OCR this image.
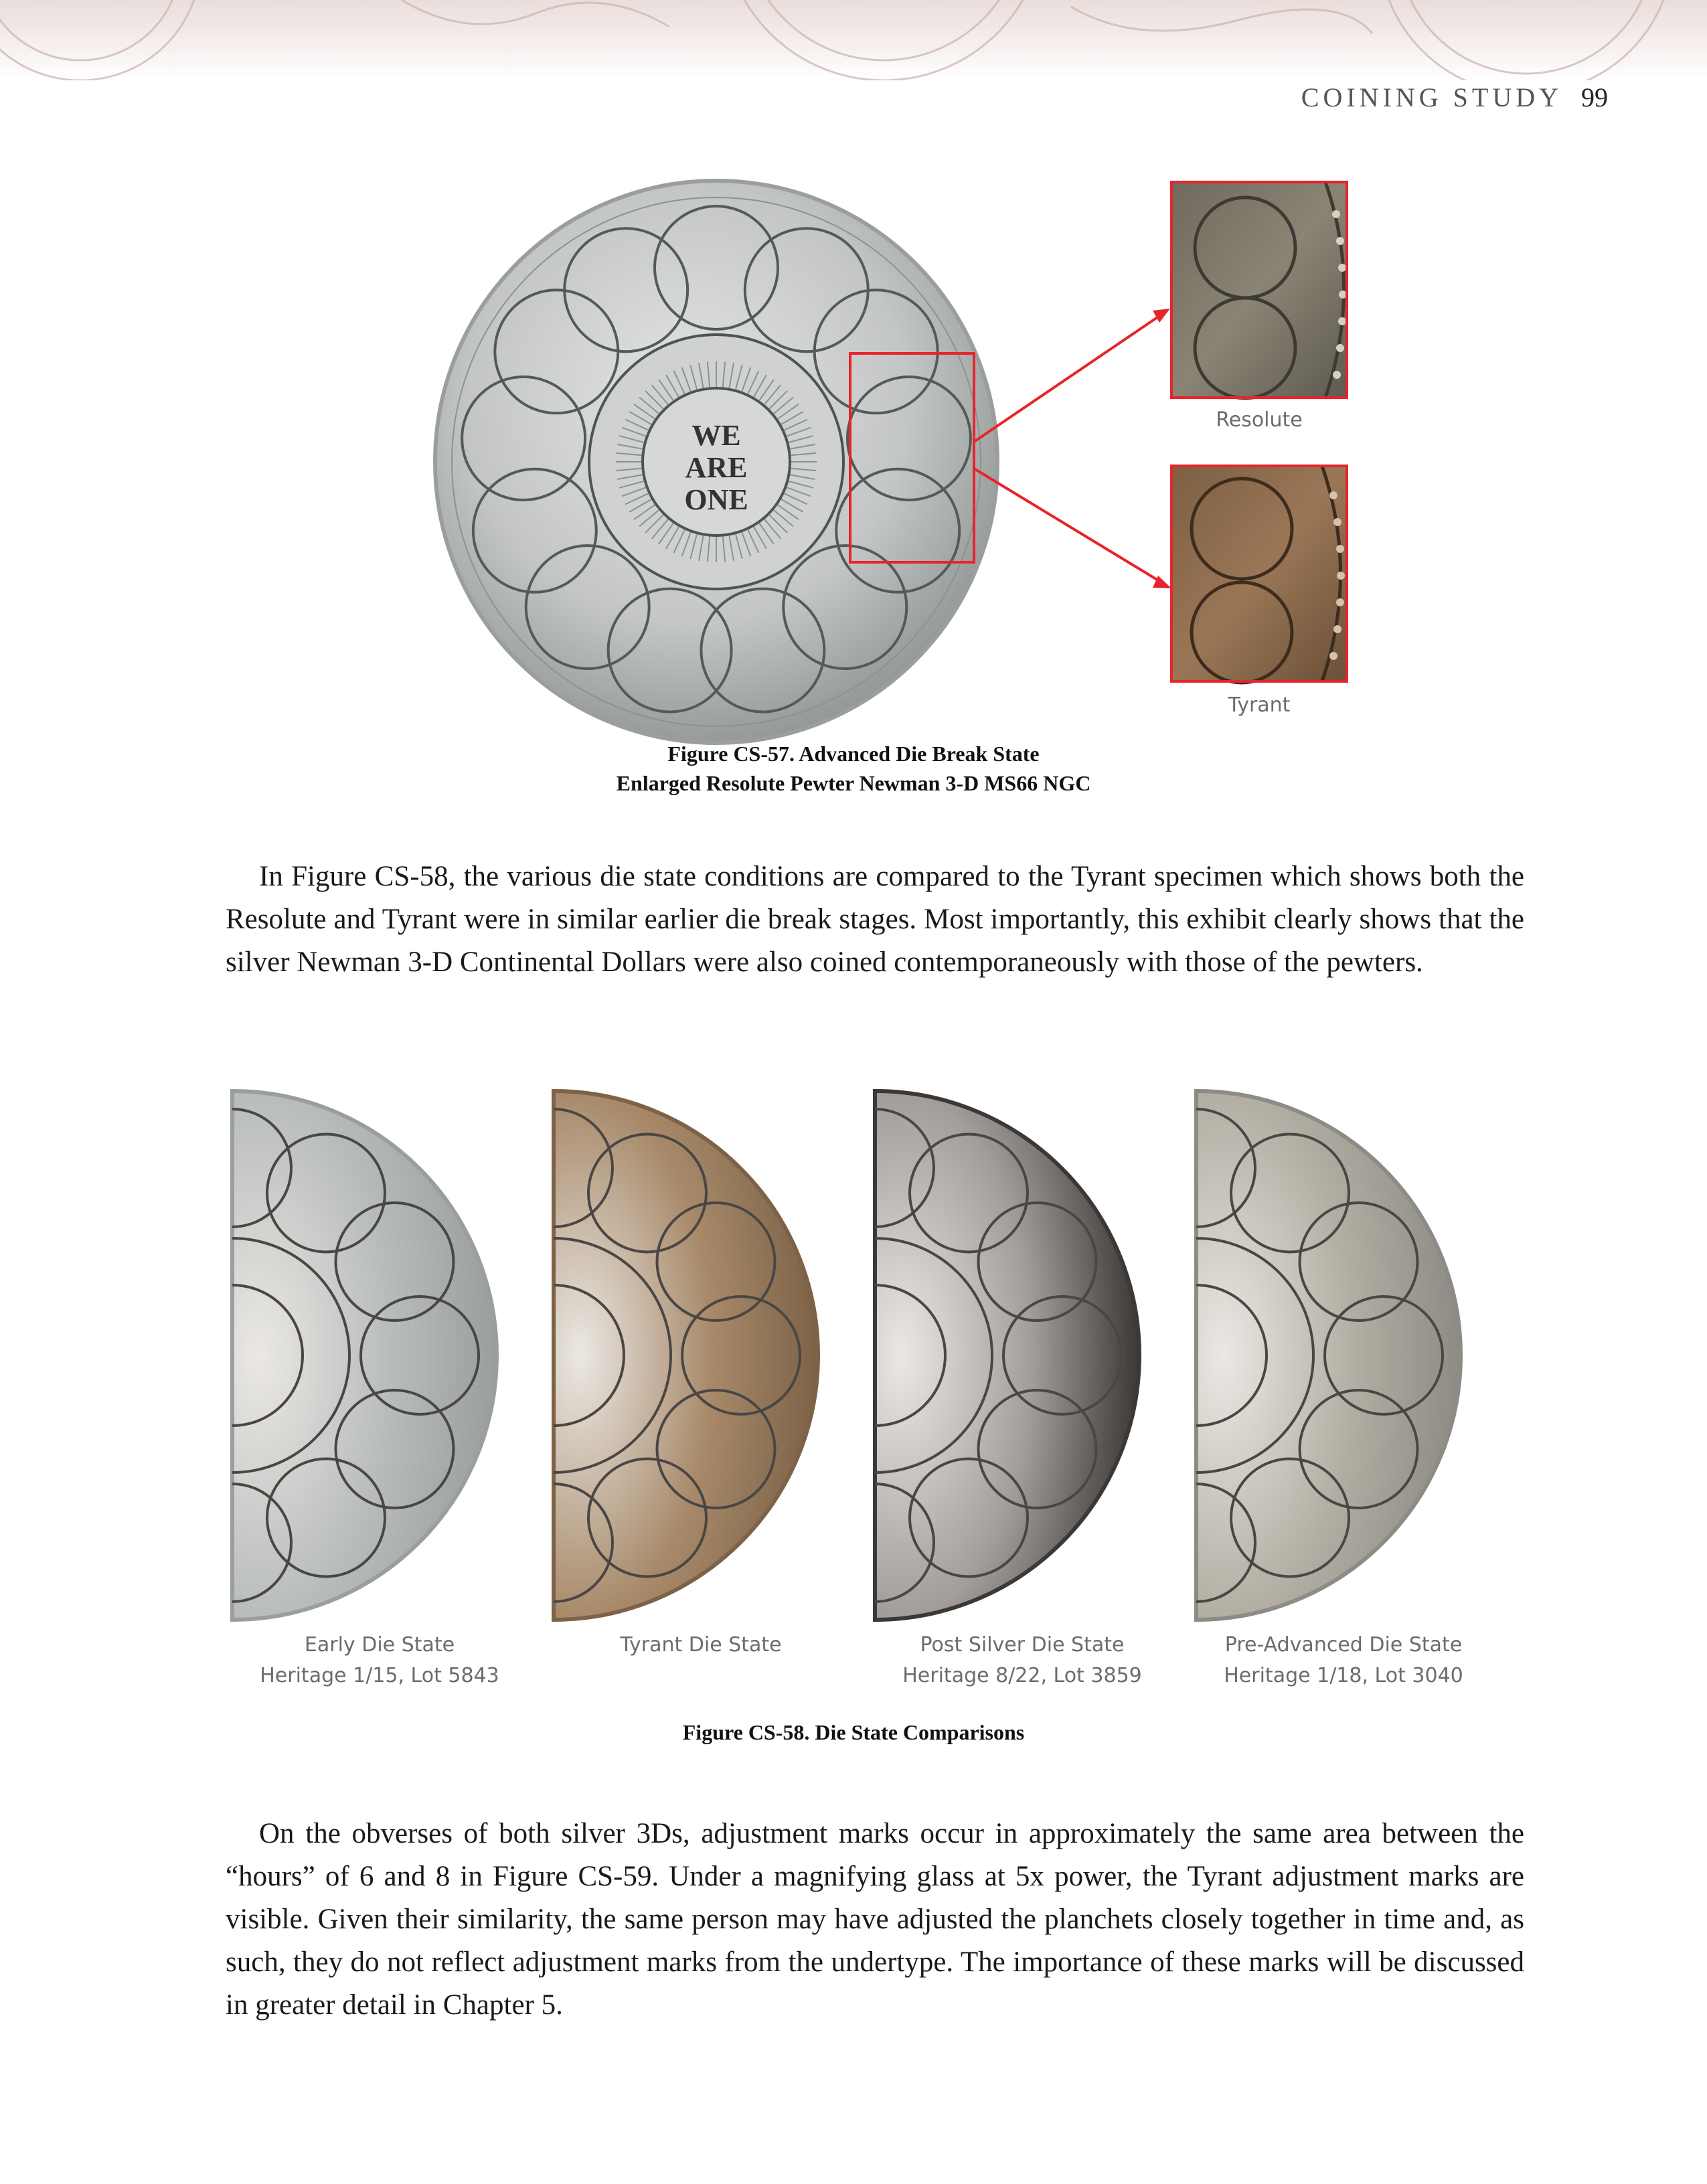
COINING STUDY 99
WE
ARE
ONE
Resolute
Tyrant
Figure CS-57. Advanced Die Break State
Enlarged Resolute Pewter Newman 3-D MS66 NGC
In Figure CS-58, the various die state conditions are compared to the Tyrant specimen which shows both the Resolute and Tyrant were in similar earlier die break stages. Most importantly, this exhibit clearly shows that the silver Newman 3-D Continental Dollars were also coined contemporaneously with those of the pewters.
Early Die State
Heritage 1/15, Lot 5843
Tyrant Die State	Post Silver Die State
Heritage 8/22, Lot 3859
Pre-Advanced Die State
Heritage 1/18, Lot 3040
Figure CS-58. Die State Comparisons
On the obverses of both silver 3Ds, adjustment marks occur in approximately the same area between the “hours” of 6 and 8 in Figure CS-59. Under a magnifying glass at 5x power, the Tyrant adjustment marks are visible. Given their similarity, the same person may have adjusted the planchets closely together in time and, as such, they do not reflect adjustment marks from the undertype. The importance of these marks will be discussed in greater detail in Chapter 5.
